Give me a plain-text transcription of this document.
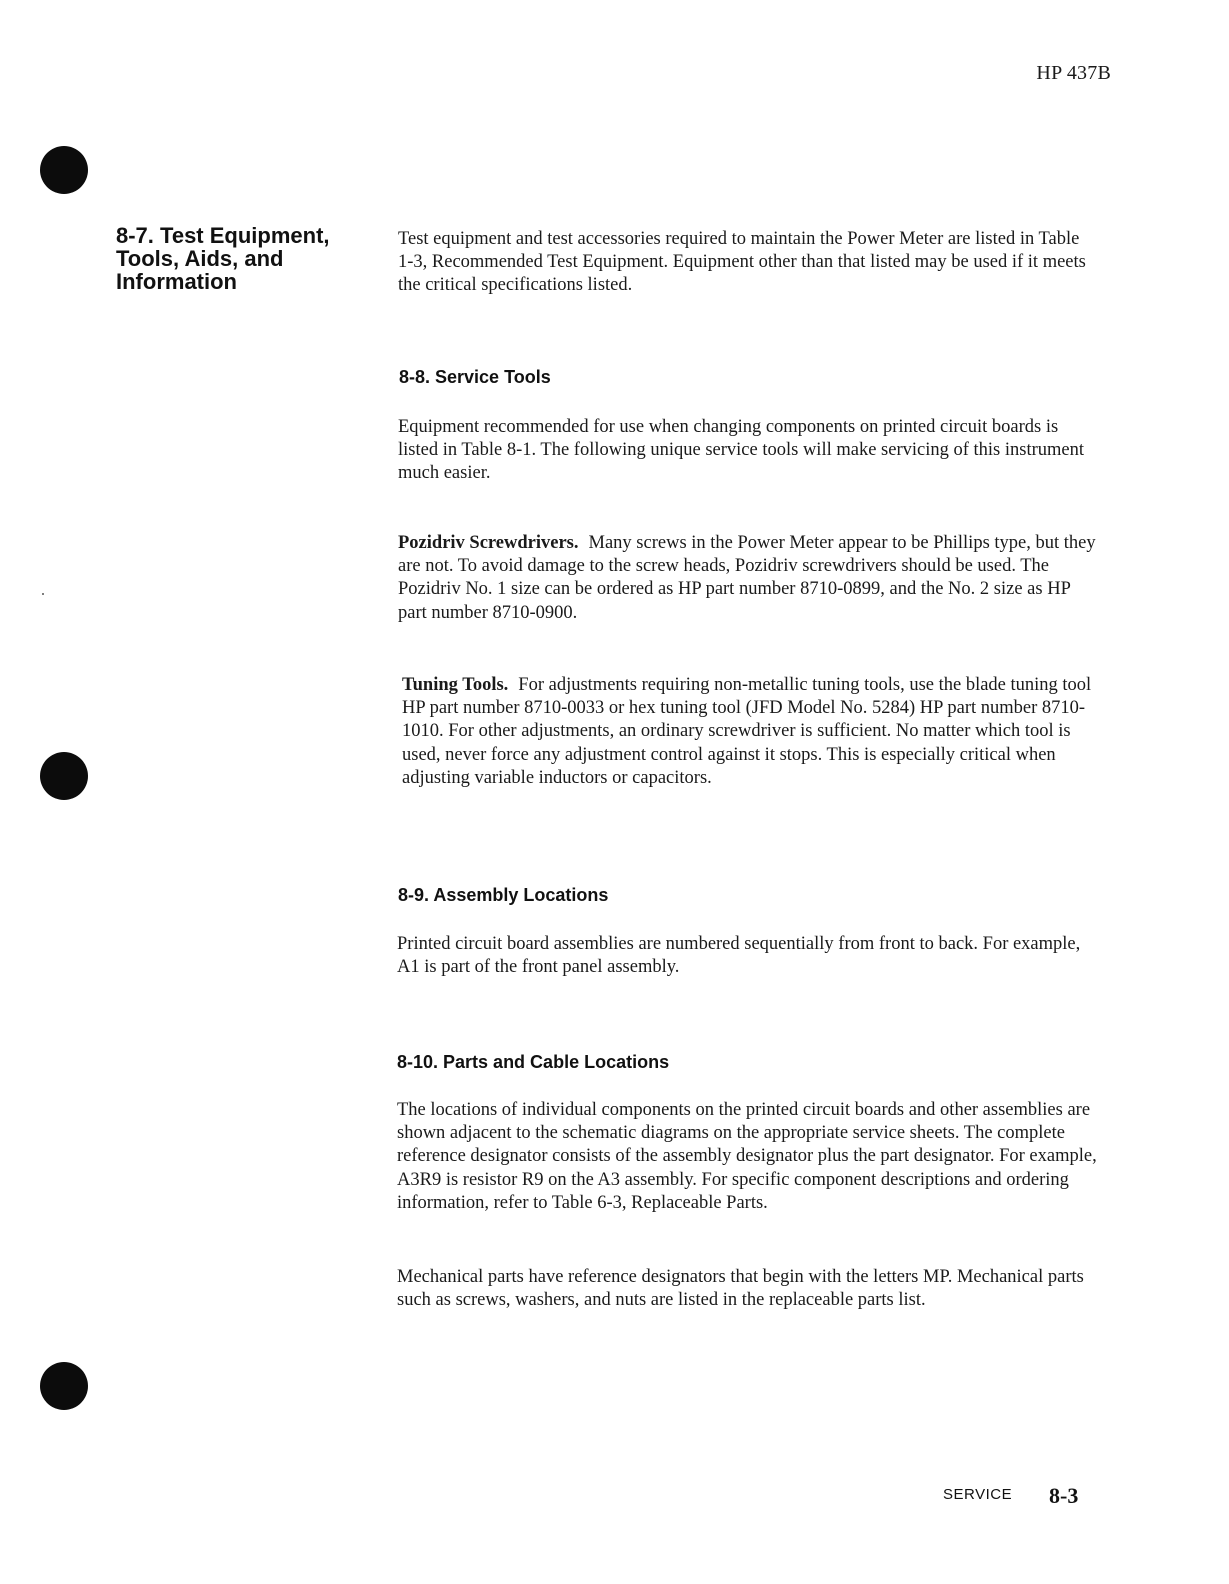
HP 437B
8-7. Test Equipment, Tools, Aids, and Information

Test equipment and test accessories required to maintain the Power Meter are listed in Table 1-3, Recommended Test Equipment. Equipment other than that listed may be used if it meets the critical specifications listed.

8-8. Service Tools

Equipment recommended for use when changing components on printed circuit boards is listed in Table 8-1. The following unique service tools will make servicing of this instrument much easier.

Pozidriv Screwdrivers. Many screws in the Power Meter appear to be Phillips type, but they are not. To avoid damage to the screw heads, Pozidriv screwdrivers should be used. The Pozidriv No. 1 size can be ordered as HP part number 8710-0899, and the No. 2 size as HP part number 8710-0900.

Tuning Tools. For adjustments requiring non-metallic tuning tools, use the blade tuning tool HP part number 8710-0033 or hex tuning tool (JFD Model No. 5284) HP part number 8710-1010. For other adjustments, an ordinary screwdriver is sufficient. No matter which tool is used, never force any adjustment control against it stops. This is especially critical when adjusting variable inductors or capacitors.

8-9. Assembly Locations

Printed circuit board assemblies are numbered sequentially from front to back. For example, A1 is part of the front panel assembly.

8-10. Parts and Cable Locations

The locations of individual components on the printed circuit boards and other assemblies are shown adjacent to the schematic diagrams on the appropriate service sheets. The complete reference designator consists of the assembly designator plus the part designator. For example, A3R9 is resistor R9 on the A3 assembly. For specific component descriptions and ordering information, refer to Table 6-3, Replaceable Parts.

Mechanical parts have reference designators that begin with the letters MP. Mechanical parts such as screws, washers, and nuts are listed in the replaceable parts list.

SERVICE 8-3
